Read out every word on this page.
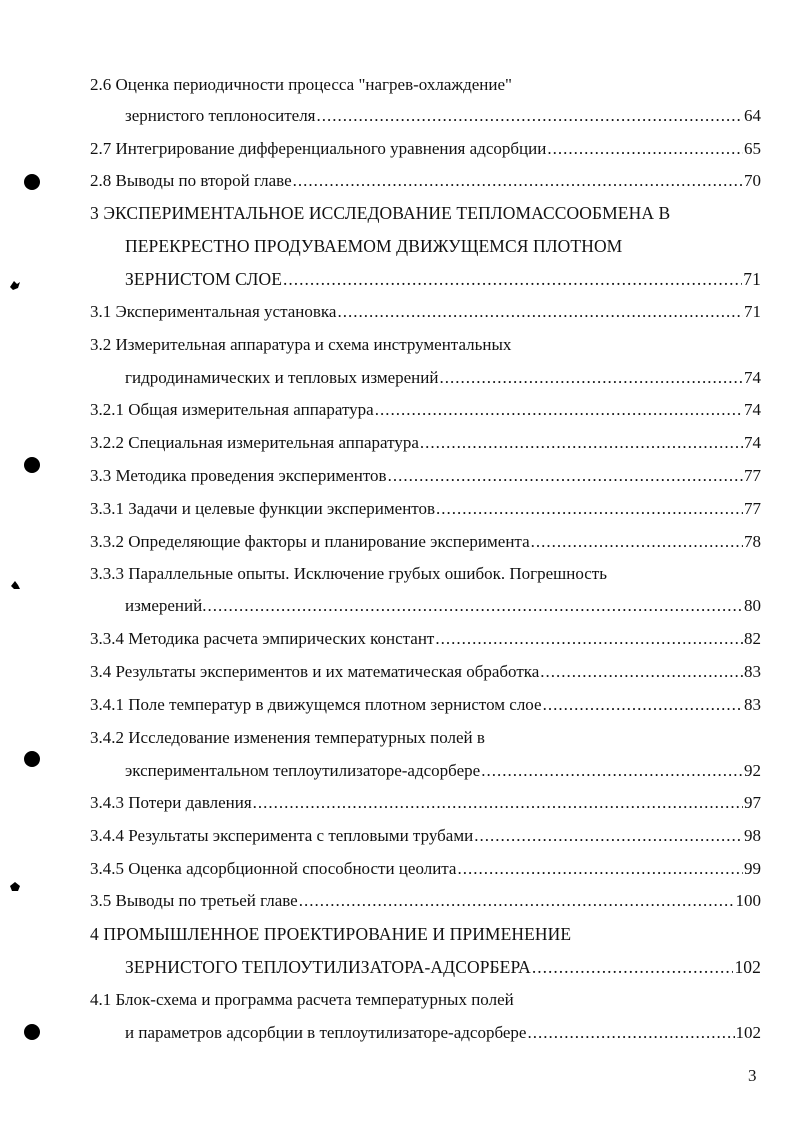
2.6 Оценка периодичности процесса "нагрев-охлаждение"
зернистого теплоносителя .....	64
2.7 Интегрирование дифференциального уравнения адсорбции .....	65
2.8 Выводы по второй главе .....	70
3 ЭКСПЕРИМЕНТАЛЬНОЕ ИССЛЕДОВАНИЕ ТЕПЛОМАССООБМЕНА В
ПЕРЕКРЕСТНО ПРОДУВАЕМОМ ДВИЖУЩЕМСЯ ПЛОТНОМ
ЗЕРНИСТОМ СЛОЕ .....	71
3.1 Экспериментальная установка .....	71
3.2 Измерительная аппаратура и схема инструментальных
гидродинамических и тепловых измерений .....	74
3.2.1 Общая измерительная аппаратура .....	74
3.2.2 Специальная измерительная аппаратура .....	74
3.3 Методика проведения экспериментов .....	77
3.3.1 Задачи и целевые функции экспериментов .....	77
3.3.2 Определяющие факторы и планирование эксперимента .....	78
3.3.3 Параллельные опыты. Исключение грубых ошибок. Погрешность
измерений. .....	80
3.3.4 Методика расчета эмпирических констант .....	82
3.4 Результаты экспериментов и их математическая обработка .....	83
3.4.1 Поле температур в движущемся плотном зернистом слое .....	83
3.4.2 Исследование изменения температурных полей в
экспериментальном теплоутилизаторе-адсорбере .....	92
3.4.3 Потери давления .....	97
3.4.4 Результаты эксперимента с тепловыми трубами .....	98
3.4.5 Оценка адсорбционной способности цеолита .....	99
3.5 Выводы по третьей главе .....	100
4 ПРОМЫШЛЕННОЕ ПРОЕКТИРОВАНИЕ И ПРИМЕНЕНИЕ
ЗЕРНИСТОГО ТЕПЛОУТИЛИЗАТОРА-АДСОРБЕРА .....	102
4.1 Блок-схема и программа расчета температурных полей
и параметров адсорбции в теплоутилизаторе-адсорбере .....	102
3
